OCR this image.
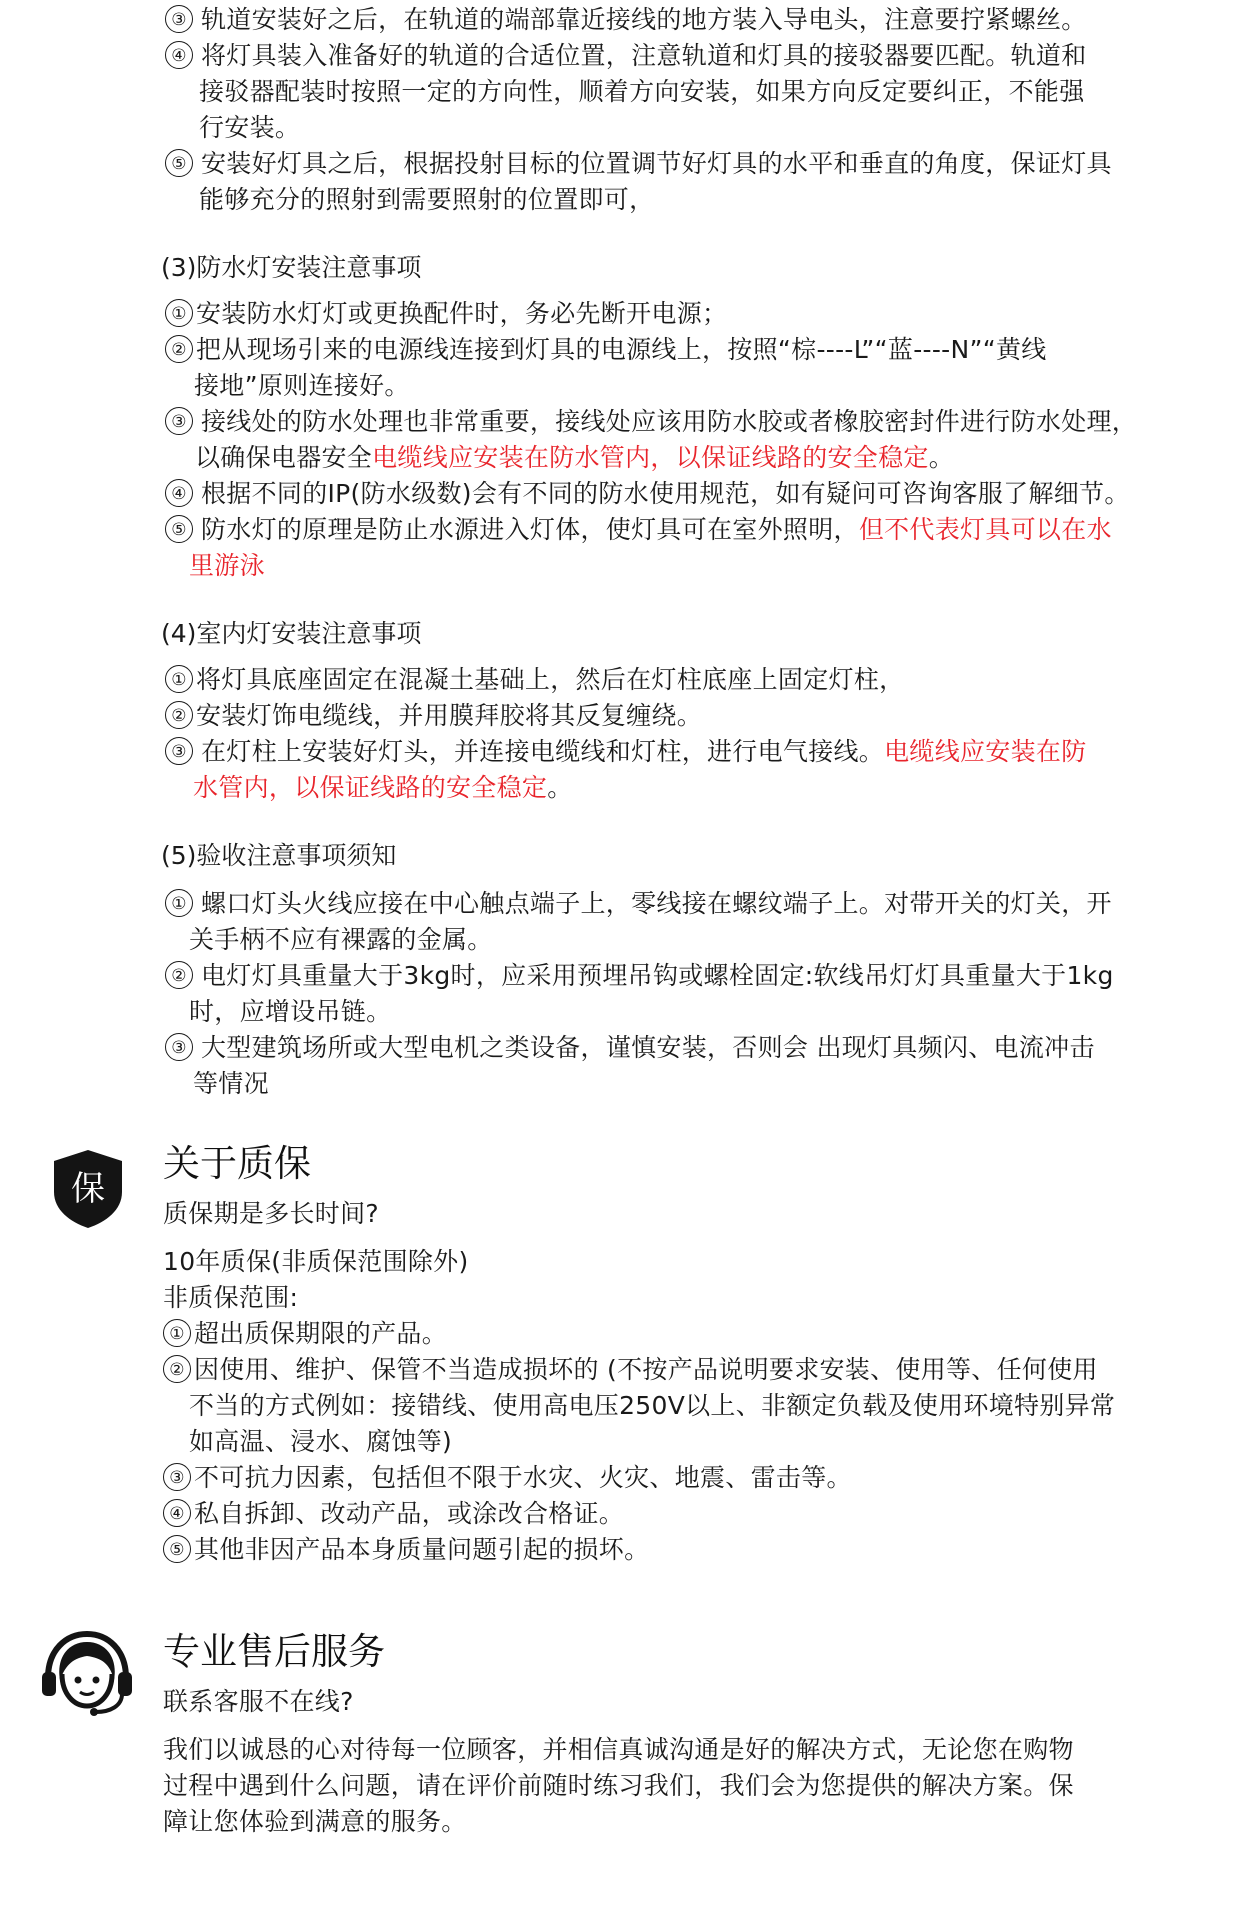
③ 轨道安装好之后，在轨道的端部靠近接线的地方装入导电头，注意要拧紧螺丝。
④ 将灯具装入准备好的轨道的合适位置，注意轨道和灯具的接驳器要匹配。轨道和
接驳器配装时按照一定的方向性，顺着方向安装，如果方向反定要纠正，不能强
行安装。
⑤ 安装好灯具之后，根据投射目标的位置调节好灯具的水平和垂直的角度，保证灯具
能够充分的照射到需要照射的位置即可，
(3)防水灯安装注意事项
① 安装防水灯灯或更换配件时，务必先断开电源；
② 把从现场引来的电源线连接到灯具的电源线上，按照“棕----L”“蓝----N”“黄线
接地”原则连接好。
③ 接线处的防水处理也非常重要，接线处应该用防水胶或者橡胶密封件进行防水处理，
以确保电器安全电缆线应安装在防水管内，以保证线路的安全稳定。
④ 根据不同的IP(防水级数)会有不同的防水使用规范，如有疑问可咨询客服了解细节。
⑤ 防水灯的原理是防止水源进入灯体，使灯具可在室外照明，但不代表灯具可以在水
里游泳
(4)室内灯安装注意事项
① 将灯具底座固定在混凝土基础上，然后在灯柱底座上固定灯柱，
② 安装灯饰电缆线，并用膜拜胶将其反复缠绕。
③ 在灯柱上安装好灯头，并连接电缆线和灯柱，进行电气接线。电缆线应安装在防
水管内，以保证线路的安全稳定。
(5)验收注意事项须知
① 螺口灯头火线应接在中心触点端子上，零线接在螺纹端子上。对带开关的灯关，开
关手柄不应有裸露的金属。
② 电灯灯具重量大于3kg时，应采用预埋吊钩或螺栓固定:软线吊灯灯具重量大于1kg
时，应增设吊链。
③ 大型建筑场所或大型电机之类设备，谨慎安装，否则会 出现灯具频闪、电流冲击
等情况
保
关于质保
质保期是多长时间?
10年质保(非质保范围除外)
非质保范围:
① 超出质保期限的产品。
② 因使用、维护、保管不当造成损坏的 (不按产品说明要求安装、使用等、任何使用
不当的方式例如：接错线、使用高电压250V以上、非额定负载及使用环境特别异常
如高温、浸水、腐蚀等)
③ 不可抗力因素，包括但不限于水灾、火灾、地震、雷击等。
④ 私自拆卸、改动产品，或涂改合格证。
⑤ 其他非因产品本身质量问题引起的损坏。
专业售后服务
联系客服不在线?
我们以诚恳的心对待每一位顾客，并相信真诚沟通是好的解决方式，无论您在购物
过程中遇到什么问题，请在评价前随时练习我们，我们会为您提供的解决方案。保
障让您体验到满意的服务。
